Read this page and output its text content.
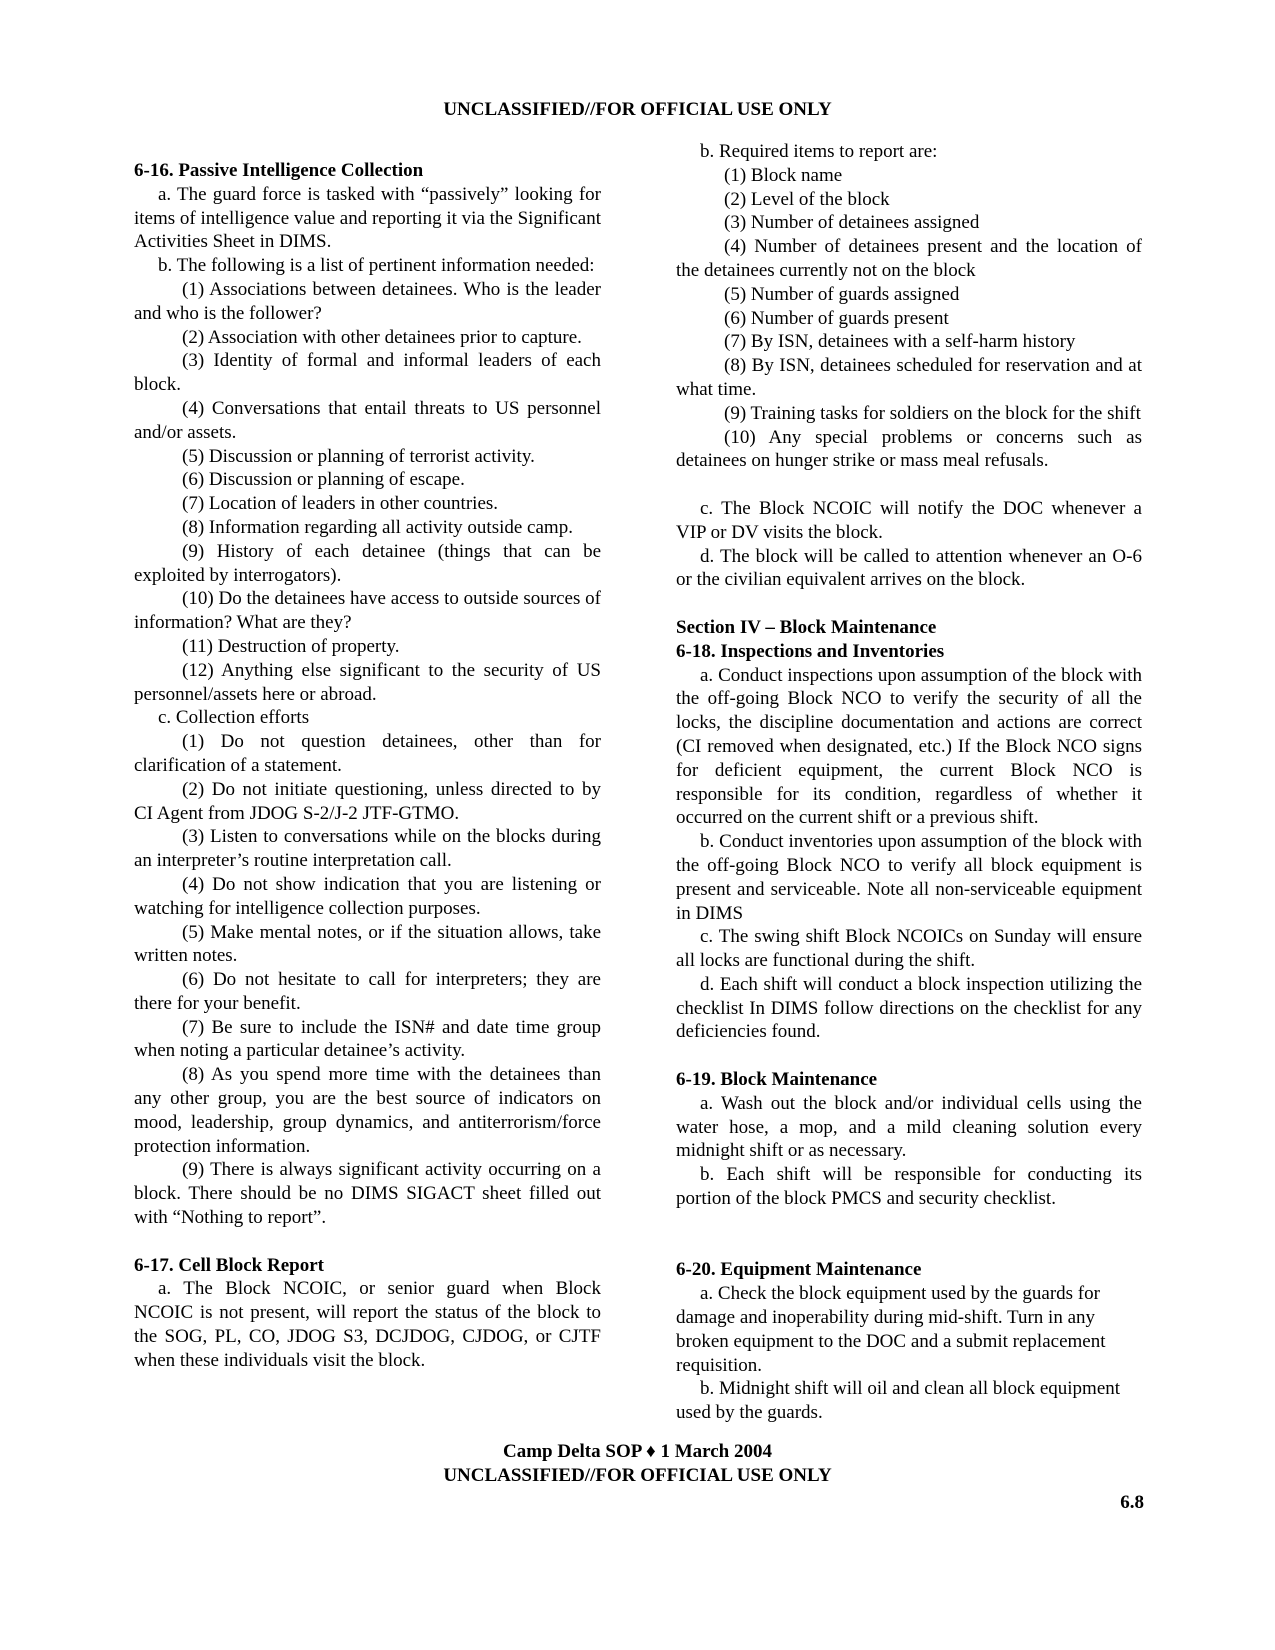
UNCLASSIFIED//FOR OFFICIAL USE ONLY
6-16. Passive Intelligence Collection
a. The guard force is tasked with “passively” looking for items of intelligence value and reporting it via the Significant Activities Sheet in DIMS.
b. The following is a list of pertinent information needed:
(1) Associations between detainees. Who is the leader and who is the follower?
(2) Association with other detainees prior to capture.
(3) Identity of formal and informal leaders of each block.
(4) Conversations that entail threats to US personnel and/or assets.
(5) Discussion or planning of terrorist activity.
(6) Discussion or planning of escape.
(7) Location of leaders in other countries.
(8) Information regarding all activity outside camp.
(9) History of each detainee (things that can be exploited by interrogators).
(10) Do the detainees have access to outside sources of information? What are they?
(11) Destruction of property.
(12) Anything else significant to the security of US personnel/assets here or abroad.
c. Collection efforts
(1) Do not question detainees, other than for clarification of a statement.
(2) Do not initiate questioning, unless directed to by CI Agent from JDOG S-2/J-2 JTF-GTMO.
(3) Listen to conversations while on the blocks during an interpreter’s routine interpretation call.
(4) Do not show indication that you are listening or watching for intelligence collection purposes.
(5) Make mental notes, or if the situation allows, take written notes.
(6) Do not hesitate to call for interpreters; they are there for your benefit.
(7) Be sure to include the ISN# and date time group when noting a particular detainee’s activity.
(8) As you spend more time with the detainees than any other group, you are the best source of indicators on mood, leadership, group dynamics, and antiterrorism/force protection information.
(9) There is always significant activity occurring on a block. There should be no DIMS SIGACT sheet filled out with “Nothing to report”.
6-17. Cell Block Report
a. The Block NCOIC, or senior guard when Block NCOIC is not present, will report the status of the block to the SOG, PL, CO, JDOG S3, DCJDOG, CJDOG, or CJTF when these individuals visit the block.
b. Required items to report are:
(1) Block name
(2) Level of the block
(3) Number of detainees assigned
(4) Number of detainees present and the location of the detainees currently not on the block
(5) Number of guards assigned
(6) Number of guards present
(7) By ISN, detainees with a self-harm history
(8) By ISN, detainees scheduled for reservation and at what time.
(9) Training tasks for soldiers on the block for the shift
(10) Any special problems or concerns such as detainees on hunger strike or mass meal refusals.
c. The Block NCOIC will notify the DOC whenever a VIP or DV visits the block.
d. The block will be called to attention whenever an O-6 or the civilian equivalent arrives on the block.
Section IV – Block Maintenance
6-18. Inspections and Inventories
a. Conduct inspections upon assumption of the block with the off-going Block NCO to verify the security of all the locks, the discipline documentation and actions are correct (CI removed when designated, etc.) If the Block NCO signs for deficient equipment, the current Block NCO is responsible for its condition, regardless of whether it occurred on the current shift or a previous shift.
b. Conduct inventories upon assumption of the block with the off-going Block NCO to verify all block equipment is present and serviceable. Note all non-serviceable equipment in DIMS
c. The swing shift Block NCOICs on Sunday will ensure all locks are functional during the shift.
d. Each shift will conduct a block inspection utilizing the checklist In DIMS follow directions on the checklist for any deficiencies found.
6-19. Block Maintenance
a. Wash out the block and/or individual cells using the water hose, a mop, and a mild cleaning solution every midnight shift or as necessary.
b. Each shift will be responsible for conducting its portion of the block PMCS and security checklist.
6-20. Equipment Maintenance
a. Check the block equipment used by the guards for damage and inoperability during mid-shift. Turn in any broken equipment to the DOC and a submit replacement requisition.
b. Midnight shift will oil and clean all block equipment used by the guards.
Camp Delta SOP ♦ 1 March 2004
UNCLASSIFIED//FOR OFFICIAL USE ONLY
6.8
